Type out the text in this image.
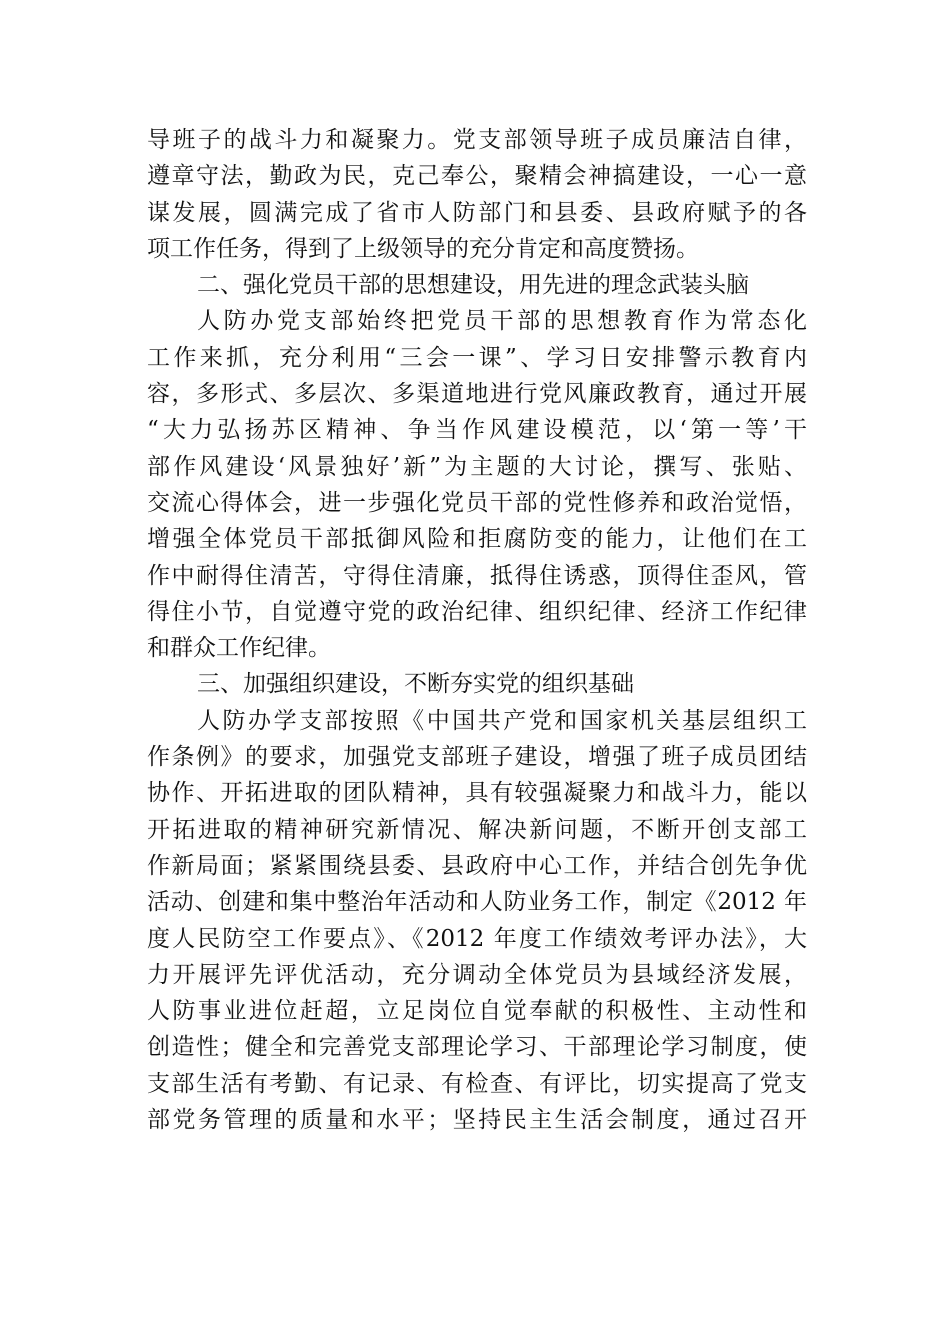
导班子的战斗力和凝聚力。党支部领导班子成员廉洁自律，
遵章守法，勤政为民，克己奉公，聚精会神搞建设，一心一意
谋发展，圆满完成了省市人防部门和县委、县政府赋予的各
项工作任务，得到了上级领导的充分肯定和高度赞扬。
二、强化党员干部的思想建设，用先进的理念武装头脑
人防办党支部始终把党员干部的思想教育作为常态化
工作来抓，充分利用“三会一课”、学习日安排警示教育内
容，多形式、多层次、多渠道地进行党风廉政教育，通过开展
“大力弘扬苏区精神、争当作风建设模范，以‘第一等’干
部作风建设‘风景独好’新”为主题的大讨论，撰写、张贴、
交流心得体会，进一步强化党员干部的党性修养和政治觉悟，
增强全体党员干部抵御风险和拒腐防变的能力，让他们在工
作中耐得住清苦，守得住清廉，抵得住诱惑，顶得住歪风，管
得住小节，自觉遵守党的政治纪律、组织纪律、经济工作纪律
和群众工作纪律。
三、加强组织建设，不断夯实党的组织基础
人防办学支部按照《中国共产党和国家机关基层组织工
作条例》的要求，加强党支部班子建设，增强了班子成员团结
协作、开拓进取的团队精神，具有较强凝聚力和战斗力，能以
开拓进取的精神研究新情况、解决新问题，不断开创支部工
作新局面；紧紧围绕县委、县政府中心工作，并结合创先争优
活动、创建和集中整治年活动和人防业务工作，制定《2012 年
度人民防空工作要点》、《2012 年度工作绩效考评办法》，大
力开展评先评优活动，充分调动全体党员为县域经济发展，
人防事业进位赶超，立足岗位自觉奉献的积极性、主动性和
创造性；健全和完善党支部理论学习、干部理论学习制度，使
支部生活有考勤、有记录、有检查、有评比，切实提高了党支
部党务管理的质量和水平；坚持民主生活会制度，通过召开
